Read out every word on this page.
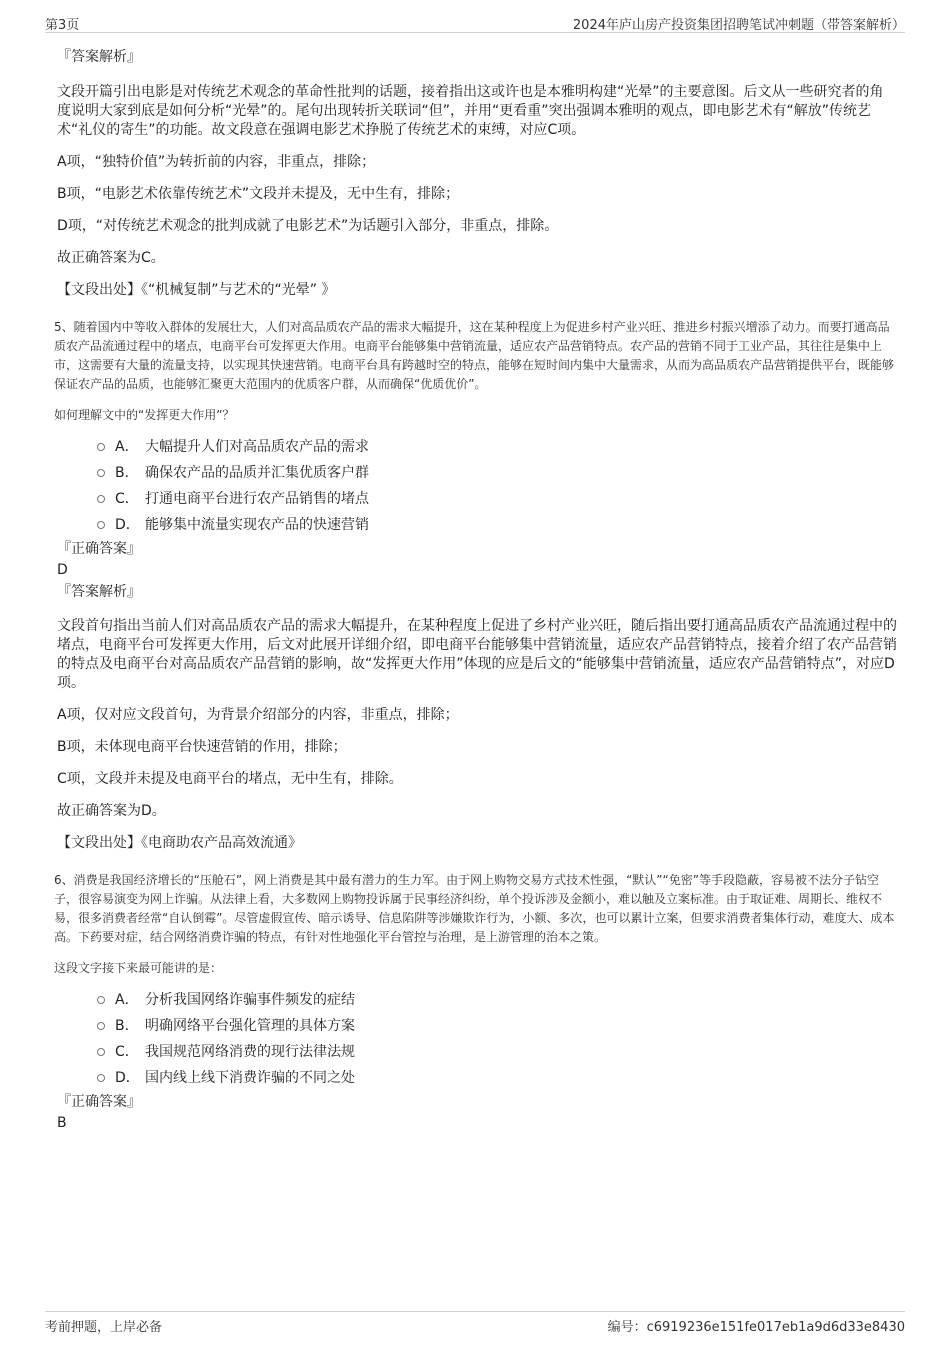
第3页	2024年庐山房产投资集团招聘笔试冲刺题（带答案解析）
『答案解析』
文段开篇引出电影是对传统艺术观念的革命性批判的话题，接着指出这或许也是本雅明构建“光晕”的主要意图。后文从一些研究者的角度说明大家到底是如何分析“光晕”的。尾句出现转折关联词“但”，并用“更看重”突出强调本雅明的观点，即电影艺术有“解放”传统艺术“礼仪的寄生”的功能。故文段意在强调电影艺术挣脱了传统艺术的束缚，对应C项。
A项，“独特价值”为转折前的内容，非重点，排除；
B项，“电影艺术依靠传统艺术”文段并未提及，无中生有，排除；
D项，“对传统艺术观念的批判成就了电影艺术”为话题引入部分，非重点，排除。
故正确答案为C。
【文段出处】《“机械复制”与艺术的“光晕” 》
5、随着国内中等收入群体的发展壮大，人们对高品质农产品的需求大幅提升，这在某种程度上为促进乡村产业兴旺、推进乡村振兴增添了动力。而要打通高品质农产品流通过程中的堵点，电商平台可发挥更大作用。电商平台能够集中营销流量，适应农产品营销特点。农产品的营销不同于工业产品，其往往是集中上市，这需要有大量的流量支持，以实现其快速营销。电商平台具有跨越时空的特点，能够在短时间内集中大量需求，从而为高品质农产品营销提供平台，既能够保证农产品的品质，也能够汇聚更大范围内的优质客户群，从而确保“优质优价”。
如何理解文中的“发挥更大作用”？
A． 大幅提升人们对高品质农产品的需求
B． 确保农产品的品质并汇集优质客户群
C． 打通电商平台进行农产品销售的堵点
D． 能够集中流量实现农产品的快速营销
『正确答案』
D
『答案解析』
文段首句指出当前人们对高品质农产品的需求大幅提升，在某种程度上促进了乡村产业兴旺，随后指出要打通高品质农产品流通过程中的堵点，电商平台可发挥更大作用，后文对此展开详细介绍，即电商平台能够集中营销流量，适应农产品营销特点，接着介绍了农产品营销的特点及电商平台对高品质农产品营销的影响，故“发挥更大作用”体现的应是后文的“能够集中营销流量，适应农产品营销特点”，对应D项。
A项，仅对应文段首句，为背景介绍部分的内容，非重点，排除；
B项，未体现电商平台快速营销的作用，排除；
C项，文段并未提及电商平台的堵点，无中生有，排除。
故正确答案为D。
【文段出处】《电商助农产品高效流通》
6、消费是我国经济增长的“压舱石”，网上消费是其中最有潜力的生力军。由于网上购物交易方式技术性强，“默认”“免密”等手段隐蔽，容易被不法分子钻空子，很容易演变为网上诈骗。从法律上看，大多数网上购物投诉属于民事经济纠纷，单个投诉涉及金额小，难以触及立案标准。由于取证难、周期长、维权不易，很多消费者经常“自认倒霉”。尽管虚假宣传、暗示诱导、信息陷阱等涉嫌欺诈行为，小额、多次，也可以累计立案，但要求消费者集体行动，难度大、成本高。下药要对症，结合网络消费诈骗的特点，有针对性地强化平台管控与治理，是上游管理的治本之策。
这段文字接下来最可能讲的是：
A． 分析我国网络诈骗事件频发的症结
B． 明确网络平台强化管理的具体方案
C． 我国规范网络消费的现行法律法规
D． 国内线上线下消费诈骗的不同之处
『正确答案』
B
考前押题，上岸必备	编号：c6919236e151fe017eb1a9d6d33e8430
